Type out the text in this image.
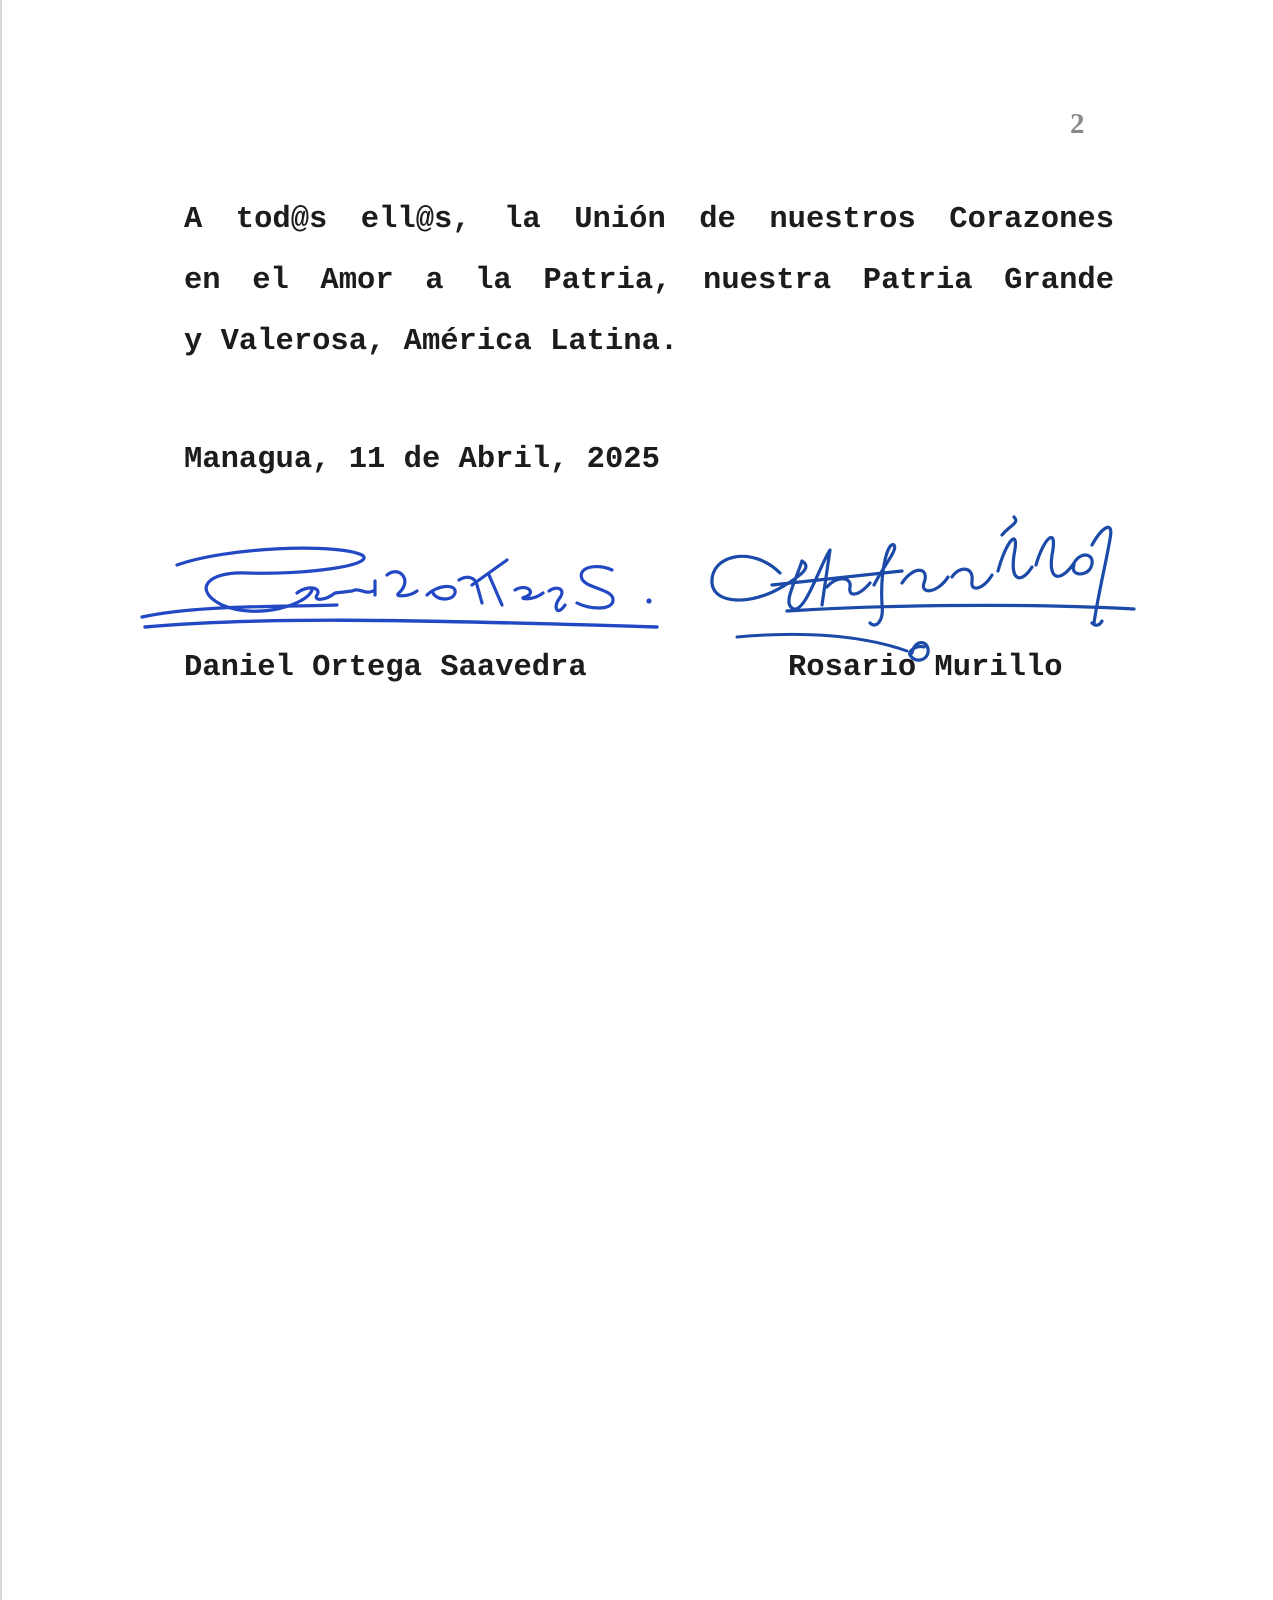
2

A tod@s ell@s, la Unión de nuestros Corazones
en el Amor a la Patria, nuestra Patria Grande
y Valerosa, América Latina.

Managua, 11 de Abril, 2025
Daniel Ortega Saavedra	Rosario Murillo
